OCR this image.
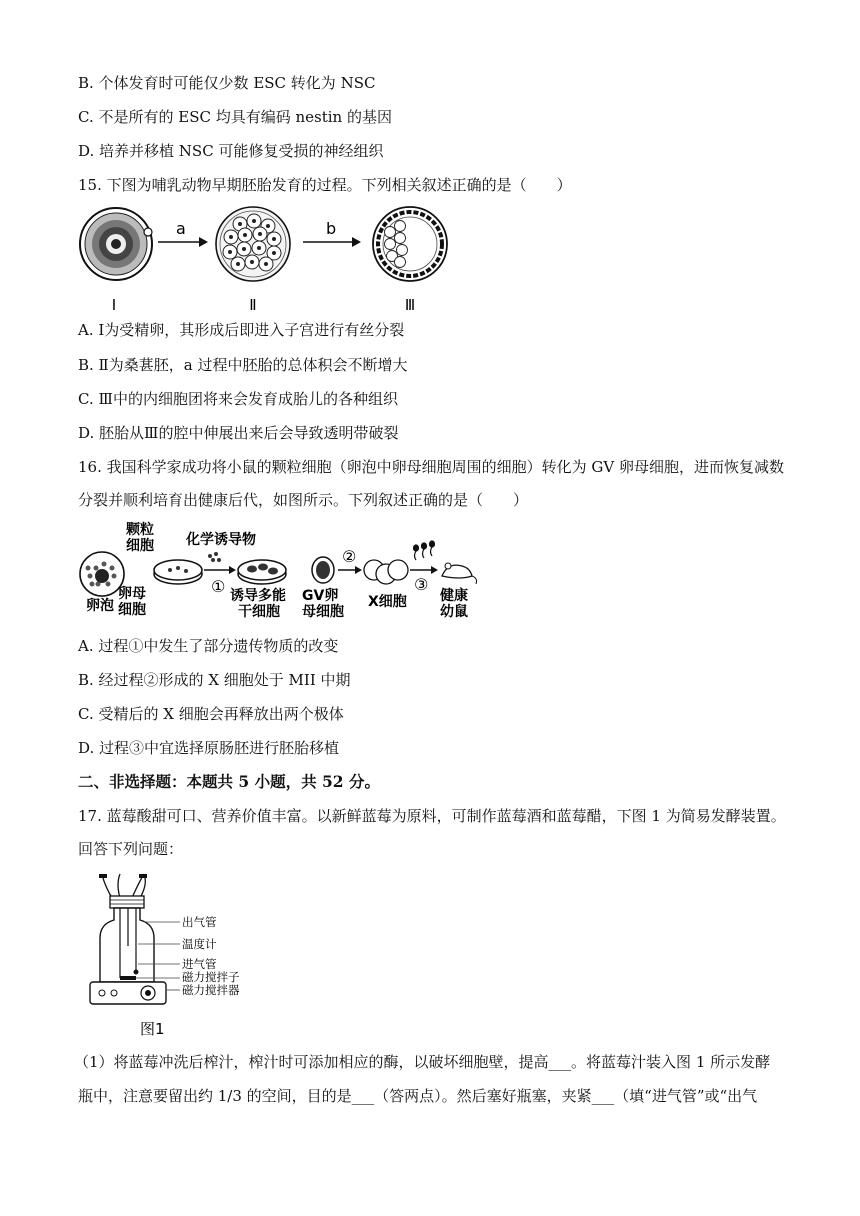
B. 个体发育时可能仅少数 ESC 转化为 NSC
C. 不是所有的 ESC 均具有编码 nestin 的基因
D. 培养并移植 NSC 可能修复受损的神经组织
15. 下图为哺乳动物早期胚胎发育的过程。下列相关叙述正确的是（　　）
a	b
Ⅰ	Ⅱ	Ⅲ
A. Ⅰ为受精卵，其形成后即进入子宫进行有丝分裂
B. Ⅱ为桑葚胚，a 过程中胚胎的总体积会不断增大
C. Ⅲ中的内细胞团将来会发育成胎儿的各种组织
D. 胚胎从Ⅲ的腔中伸展出来后会导致透明带破裂
16. 我国科学家成功将小鼠的颗粒细胞（卵泡中卵母细胞周围的细胞）转化为 GV 卵母细胞，进而恢复减数
分裂并顺利培育出健康后代，如图所示。下列叙述正确的是（　　）
颗粒
细胞
卵泡
卵母
细胞
化学诱导物
① 诱导多能
干细胞
GV卵
母细胞
②
X细胞
③
健康
幼鼠
A. 过程①中发生了部分遗传物质的改变
B. 经过程②形成的 X 细胞处于 MII 中期
C. 受精后的 X 细胞会再释放出两个极体
D. 过程③中宜选择原肠胚进行胚胎移植
二、非选择题：本题共 5 小题，共 52 分。
17. 蓝莓酸甜可口、营养价值丰富。以新鲜蓝莓为原料，可制作蓝莓酒和蓝莓醋，下图 1 为简易发酵装置。
回答下列问题：
出气管
温度计
进气管
磁力搅拌子
磁力搅拌器
图1
（1）将蓝莓冲洗后榨汁，榨汁时可添加相应的酶，以破坏细胞壁，提高___。将蓝莓汁装入图 1 所示发酵
瓶中，注意要留出约 1/3 的空间，目的是___（答两点）。然后塞好瓶塞，夹紧___（填“进气管”或“出气
